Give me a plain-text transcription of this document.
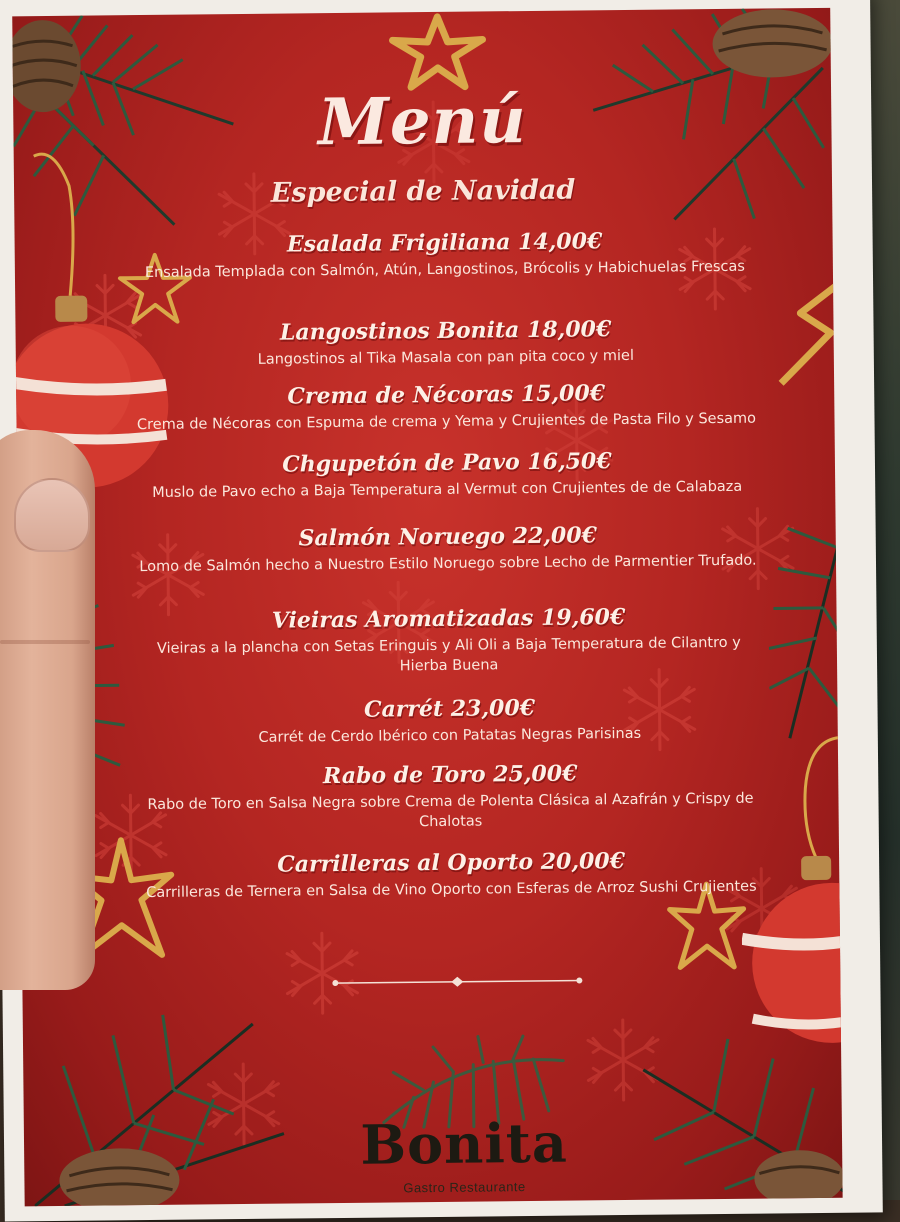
Menú
Especial de Navidad
Esalada Frigiliana 14,00€
Ensalada Templada con Salmón, Atún, Langostinos, Brócolis y Habichuelas Frescas
Langostinos Bonita 18,00€
Langostinos al Tika Masala con pan pita coco y miel
Crema de Nécoras 15,00€
Crema de Nécoras con Espuma de crema y Yema y Crujientes de Pasta Filo y Sesamo
Chgupetón de Pavo 16,50€
Muslo de Pavo echo a Baja Temperatura al Vermut con Crujientes de de Calabaza
Salmón Noruego 22,00€
Lomo de Salmón hecho a Nuestro Estilo Noruego sobre Lecho de Parmentier Trufado.
Vieiras Aromatizadas 19,60€
Vieiras a la plancha con Setas Eringuis y Ali Oli a Baja Temperatura de Cilantro y Hierba Buena
Carrét 23,00€
Carrét de Cerdo Ibérico con Patatas Negras Parisinas
Rabo de Toro 25,00€
Rabo de Toro en Salsa Negra sobre Crema de Polenta Clásica al Azafrán y Crispy de Chalotas
Carrilleras al Oporto 20,00€
Carrilleras de Ternera en Salsa de Vino Oporto con Esferas de Arroz Sushi Crujientes
Bonita
Gastro Restaurante
